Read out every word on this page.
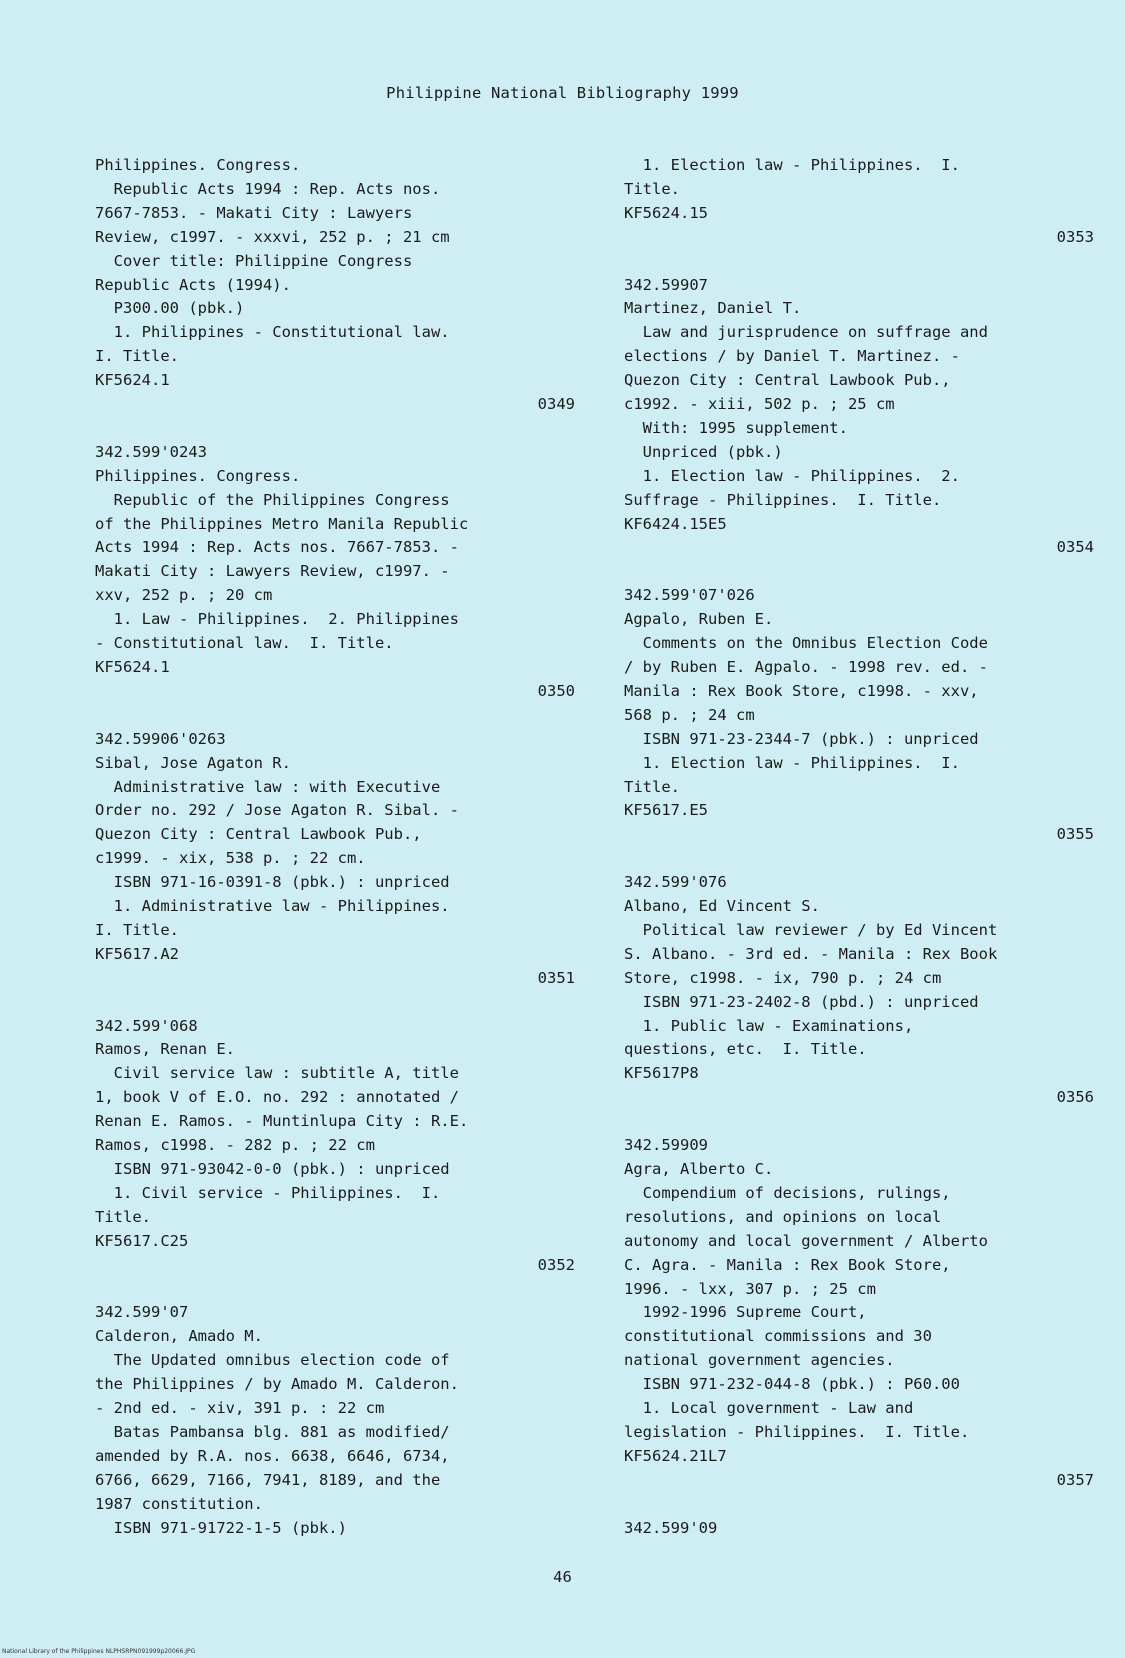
Philippine National Bibliography 1999
Philippines. Congress.
Republic Acts 1994 : Rep. Acts nos.
7667-7853. - Makati City : Lawyers
Review, c1997. - xxxvi, 252 p. ; 21 cm
Cover title: Philippine Congress
Republic Acts (1994).
P300.00 (pbk.)
1. Philippines - Constitutional law.
I. Title.
KF5624.1
0349
342.599'0243
Philippines. Congress.
Republic of the Philippines Congress
of the Philippines Metro Manila Republic
Acts 1994 : Rep. Acts nos. 7667-7853. -
Makati City : Lawyers Review, c1997. -
xxv, 252 p. ; 20 cm
1. Law - Philippines.  2. Philippines
- Constitutional law.  I. Title.
KF5624.1
0350
342.59906'0263
Sibal, Jose Agaton R.
Administrative law : with Executive
Order no. 292 / Jose Agaton R. Sibal. -
Quezon City : Central Lawbook Pub.,
c1999. - xix, 538 p. ; 22 cm.
ISBN 971-16-0391-8 (pbk.) : unpriced
1. Administrative law - Philippines.
I. Title.
KF5617.A2
0351
342.599'068
Ramos, Renan E.
Civil service law : subtitle A, title
1, book V of E.O. no. 292 : annotated /
Renan E. Ramos. - Muntinlupa City : R.E.
Ramos, c1998. - 282 p. ; 22 cm
ISBN 971-93042-0-0 (pbk.) : unpriced
1. Civil service - Philippines.  I.
Title.
KF5617.C25
0352
342.599'07
Calderon, Amado M.
The Updated omnibus election code of
the Philippines / by Amado M. Calderon.
- 2nd ed. - xiv, 391 p. : 22 cm
Batas Pambansa blg. 881 as modified/
amended by R.A. nos. 6638, 6646, 6734,
6766, 6629, 7166, 7941, 8189, and the
1987 constitution.
ISBN 971-91722-1-5 (pbk.)
1. Election law - Philippines.  I.
Title.
KF5624.15
0353
342.59907
Martinez, Daniel T.
Law and jurisprudence on suffrage and
elections / by Daniel T. Martinez. -
Quezon City : Central Lawbook Pub.,
c1992. - xiii, 502 p. ; 25 cm
With: 1995 supplement.
Unpriced (pbk.)
1. Election law - Philippines.  2.
Suffrage - Philippines.  I. Title.
KF6424.15E5
0354
342.599'07'026
Agpalo, Ruben E.
Comments on the Omnibus Election Code
/ by Ruben E. Agpalo. - 1998 rev. ed. -
Manila : Rex Book Store, c1998. - xxv,
568 p. ; 24 cm
ISBN 971-23-2344-7 (pbk.) : unpriced
1. Election law - Philippines.  I.
Title.
KF5617.E5
0355
342.599'076
Albano, Ed Vincent S.
Political law reviewer / by Ed Vincent
S. Albano. - 3rd ed. - Manila : Rex Book
Store, c1998. - ix, 790 p. ; 24 cm
ISBN 971-23-2402-8 (pbd.) : unpriced
1. Public law - Examinations,
questions, etc.  I. Title.
KF5617P8
0356
342.59909
Agra, Alberto C.
Compendium of decisions, rulings,
resolutions, and opinions on local
autonomy and local government / Alberto
C. Agra. - Manila : Rex Book Store,
1996. - lxx, 307 p. ; 25 cm
1992-1996 Supreme Court,
constitutional commissions and 30
national government agencies.
ISBN 971-232-044-8 (pbk.) : P60.00
1. Local government - Law and
legislation - Philippines.  I. Title.
KF5624.21L7
0357
342.599'09
46
National Library of the Philippines NLPHSRPN091999p20066.JPG
